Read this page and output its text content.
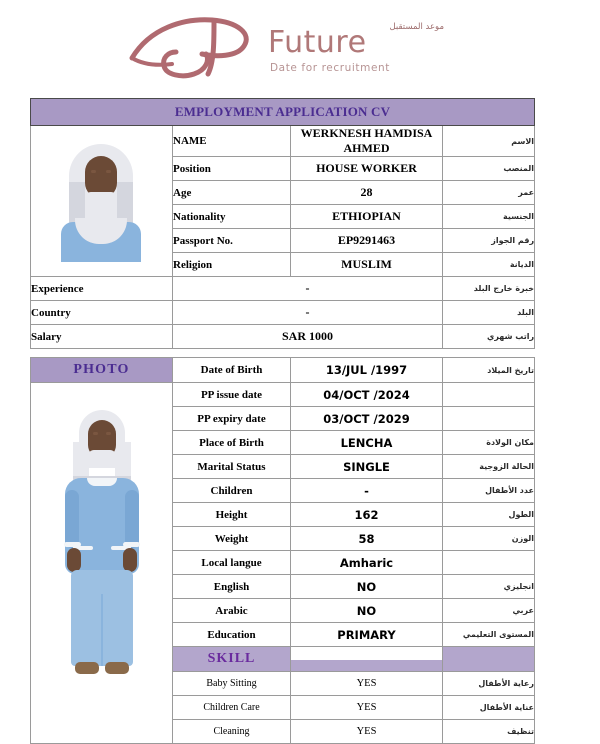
موعد المستقبل
Future
Date for recruitment
EMPLOYMENT APPLICATION CV			

	NAME	WERKNESH HAMDISA AHMED	الاسم
	Position	HOUSE WORKER	المنصب
	Age	28	عمر
	Nationality	ETHIOPIAN	الجنسية
	Passport No.	EP9291463	رقم الجواز
	Religion	MUSLIM	الديانة
Experience	-		خبرة خارج البلد
Country	-		البلد
Salary	SAR 1000		راتب شهري
PHOTO	Date of Birth	13/JUL /1997	تاريخ الميلاد

	PP issue date	04/OCT /2024	
	PP expiry date	03/OCT /2029	
	Place of Birth	LENCHA	مكان الولادة
	Marital Status	SINGLE	الحالة الزوجية
	Children	-	عدد الأطفال
	Height	162	الطول
	Weight	58	الوزن
	Local langue	Amharic	
	English	NO	انجليزي
	Arabic	NO	عربي
	Education	PRIMARY	المستوى التعليمي
	SKILL	

	Baby Sitting	YES	رعاية الأطفال
	Children Care	YES	عناية الأطفال
	Cleaning	YES	تنظيف
